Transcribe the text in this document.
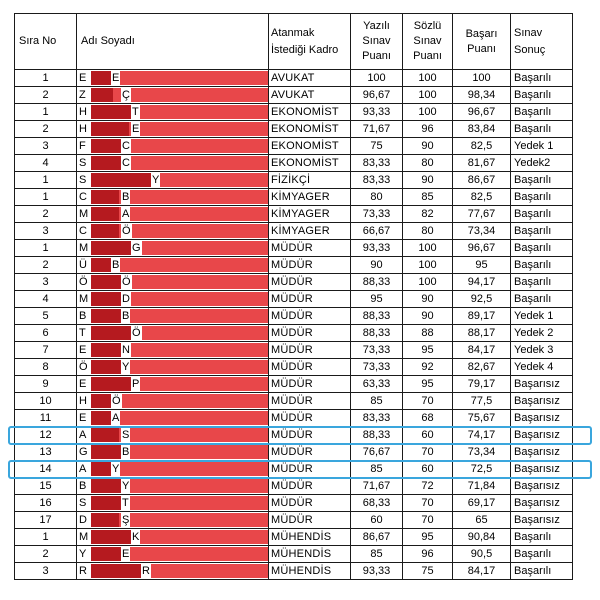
Sıra No	Adı Soyadı	Atanmak İstediği Kadro	Yazılı Sınav Puanı	Sözlü Sınav Puanı	Başarı Puanı	Sınav Sonuç

1	E E	AVUKAT	100	100	100	Başarılı
2	Z Ç	AVUKAT	96,67	100	98,34	Başarılı
1	H T	EKONOMİST	93,33	100	96,67	Başarılı
2	H E	EKONOMİST	71,67	96	83,84	Başarılı
3	F C	EKONOMİST	75	90	82,5	Yedek 1
4	S C	EKONOMİST	83,33	80	81,67	Yedek2
1	S Y	FİZİKÇİ	83,33	90	86,67	Başarılı
1	C B	KİMYAGER	80	85	82,5	Başarılı
2	M A	KİMYAGER	73,33	82	77,67	Başarılı
3	C Ö	KİMYAGER	66,67	80	73,34	Başarılı
1	M G	MÜDÜR	93,33	100	96,67	Başarılı
2	Ü B	MÜDÜR	90	100	95	Başarılı
3	Ö Ö	MÜDÜR	88,33	100	94,17	Başarılı
4	M D	MÜDÜR	95	90	92,5	Başarılı
5	B B	MÜDÜR	88,33	90	89,17	Yedek 1
6	T Ö	MÜDÜR	88,33	88	88,17	Yedek 2
7	E N	MÜDÜR	73,33	95	84,17	Yedek 3
8	Ö Y	MÜDÜR	73,33	92	82,67	Yedek 4
9	E P	MÜDÜR	63,33	95	79,17	Başarısız
10	H Ö	MÜDÜR	85	70	77,5	Başarısız
11	E A	MÜDÜR	83,33	68	75,67	Başarısız
12	A S	MÜDÜR	88,33	60	74,17	Başarısız
13	G B	MÜDÜR	76,67	70	73,34	Başarısız
14	A Y	MÜDÜR	85	60	72,5	Başarısız
15	B Y	MÜDÜR	71,67	72	71,84	Başarısız
16	S T	MÜDÜR	68,33	70	69,17	Başarısız
17	D Ş	MÜDÜR	60	70	65	Başarısız
1	M K	MÜHENDİS	86,67	95	90,84	Başarılı
2	Y E	MÜHENDİS	85	96	90,5	Başarılı
3	R R	MÜHENDİS	93,33	75	84,17	Başarılı
